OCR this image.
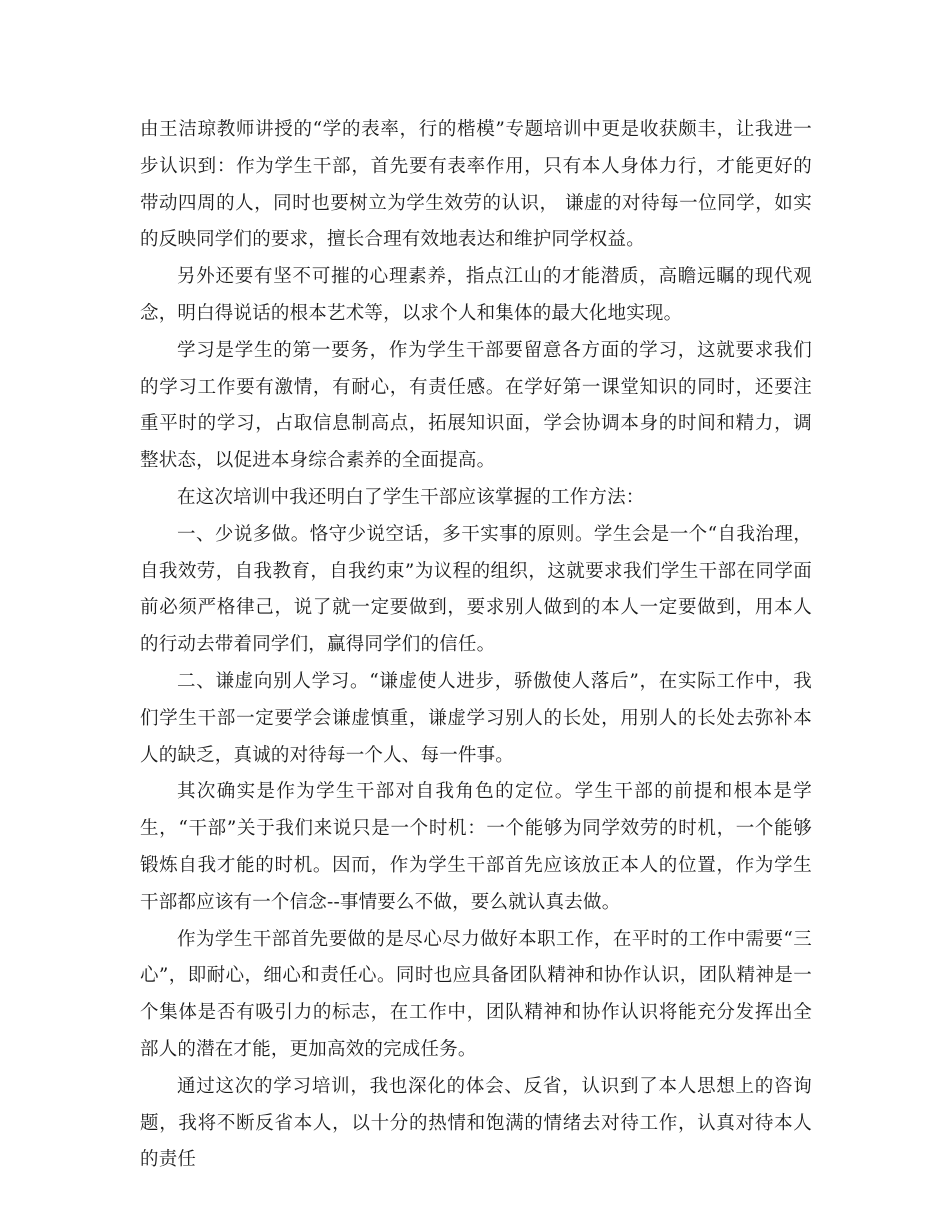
由王洁琼教师讲授的“学的表率，行的楷模”专题培训中更是收获颇丰，让我进一步认识到：作为学生干部，首先要有表率作用，只有本人身体力行，才能更好的带动四周的人，同时也要树立为学生效劳的认识， 谦虚的对待每一位同学，如实的反映同学们的要求，擅长合理有效地表达和维护同学权益。

另外还要有坚不可摧的心理素养，指点江山的才能潜质，高瞻远瞩的现代观念，明白得说话的根本艺术等，以求个人和集体的最大化地实现。

学习是学生的第一要务，作为学生干部要留意各方面的学习，这就要求我们的学习工作要有激情，有耐心，有责任感。在学好第一课堂知识的同时，还要注重平时的学习，占取信息制高点，拓展知识面，学会协调本身的时间和精力，调整状态，以促进本身综合素养的全面提高。

在这次培训中我还明白了学生干部应该掌握的工作方法：

一、少说多做。恪守少说空话，多干实事的原则。学生会是一个“自我治理，自我效劳，自我教育，自我约束”为议程的组织，这就要求我们学生干部在同学面前必须严格律己，说了就一定要做到，要求别人做到的本人一定要做到，用本人的行动去带着同学们，赢得同学们的信任。

二、谦虚向别人学习。“谦虚使人进步，骄傲使人落后”，在实际工作中，我们学生干部一定要学会谦虚慎重，谦虚学习别人的长处，用别人的长处去弥补本人的缺乏，真诚的对待每一个人、每一件事。

其次确实是作为学生干部对自我角色的定位。学生干部的前提和根本是学生，“干部”关于我们来说只是一个时机：一个能够为同学效劳的时机，一个能够锻炼自我才能的时机。因而，作为学生干部首先应该放正本人的位置，作为学生干部都应该有一个信念--事情要么不做，要么就认真去做。

作为学生干部首先要做的是尽心尽力做好本职工作，在平时的工作中需要“三心”，即耐心，细心和责任心。同时也应具备团队精神和协作认识，团队精神是一个集体是否有吸引力的标志，在工作中，团队精神和协作认识将能充分发挥出全部人的潜在才能，更加高效的完成任务。

通过这次的学习培训，我也深化的体会、反省，认识到了本人思想上的咨询题，我将不断反省本人，以十分的热情和饱满的情绪去对待工作，认真对待本人的责任
